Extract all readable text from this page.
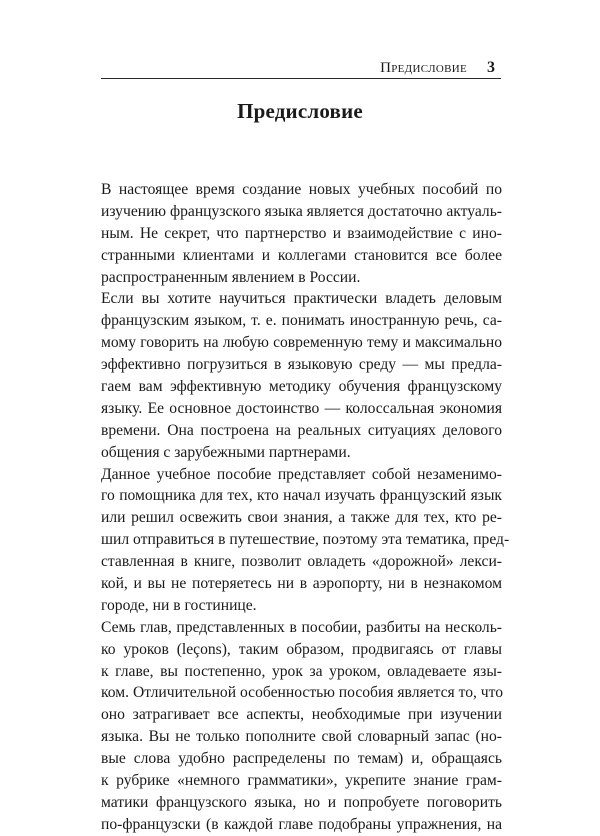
Предисловие 3
Предисловие
В настоящее время создание новых учебных пособий по
изучению французского языка является достаточно актуаль-
ным. Не секрет, что партнерство и взаимодействие с ино-
странными клиентами и коллегами становится все более
распространенным явлением в России.
Если вы хотите научиться практически владеть деловым
французским языком, т. е. понимать иностранную речь, са-
мому говорить на любую современную тему и максимально
эффективно погрузиться в языковую среду — мы предла-
гаем вам эффективную методику обучения французскому
языку. Ее основное достоинство — колоссальная экономия
времени. Она построена на реальных ситуациях делового
общения с зарубежными партнерами.
Данное учебное пособие представляет собой незаменимо-
го помощника для тех, кто начал изучать французский язык
или решил освежить свои знания, а также для тех, кто ре-
шил отправиться в путешествие, поэтому эта тематика, пред-
ставленная в книге, позволит овладеть «дорожной» лекси-
кой, и вы не потеряетесь ни в аэропорту, ни в незнакомом
городе, ни в гостинице.
Семь глав, представленных в пособии, разбиты на несколь-
ко уроков (leçons), таким образом, продвигаясь от главы
к главе, вы постепенно, урок за уроком, овладеваете язы-
ком. Отличительной особенностью пособия является то, что
оно затрагивает все аспекты, необходимые при изучении
языка. Вы не только пополните свой словарный запас (но-
вые слова удобно распределены по темам) и, обращаясь
к рубрике «немного грамматики», укрепите знание грам-
матики французского языка, но и попробуете поговорить
по-французски (в каждой главе подобраны упражнения, на
